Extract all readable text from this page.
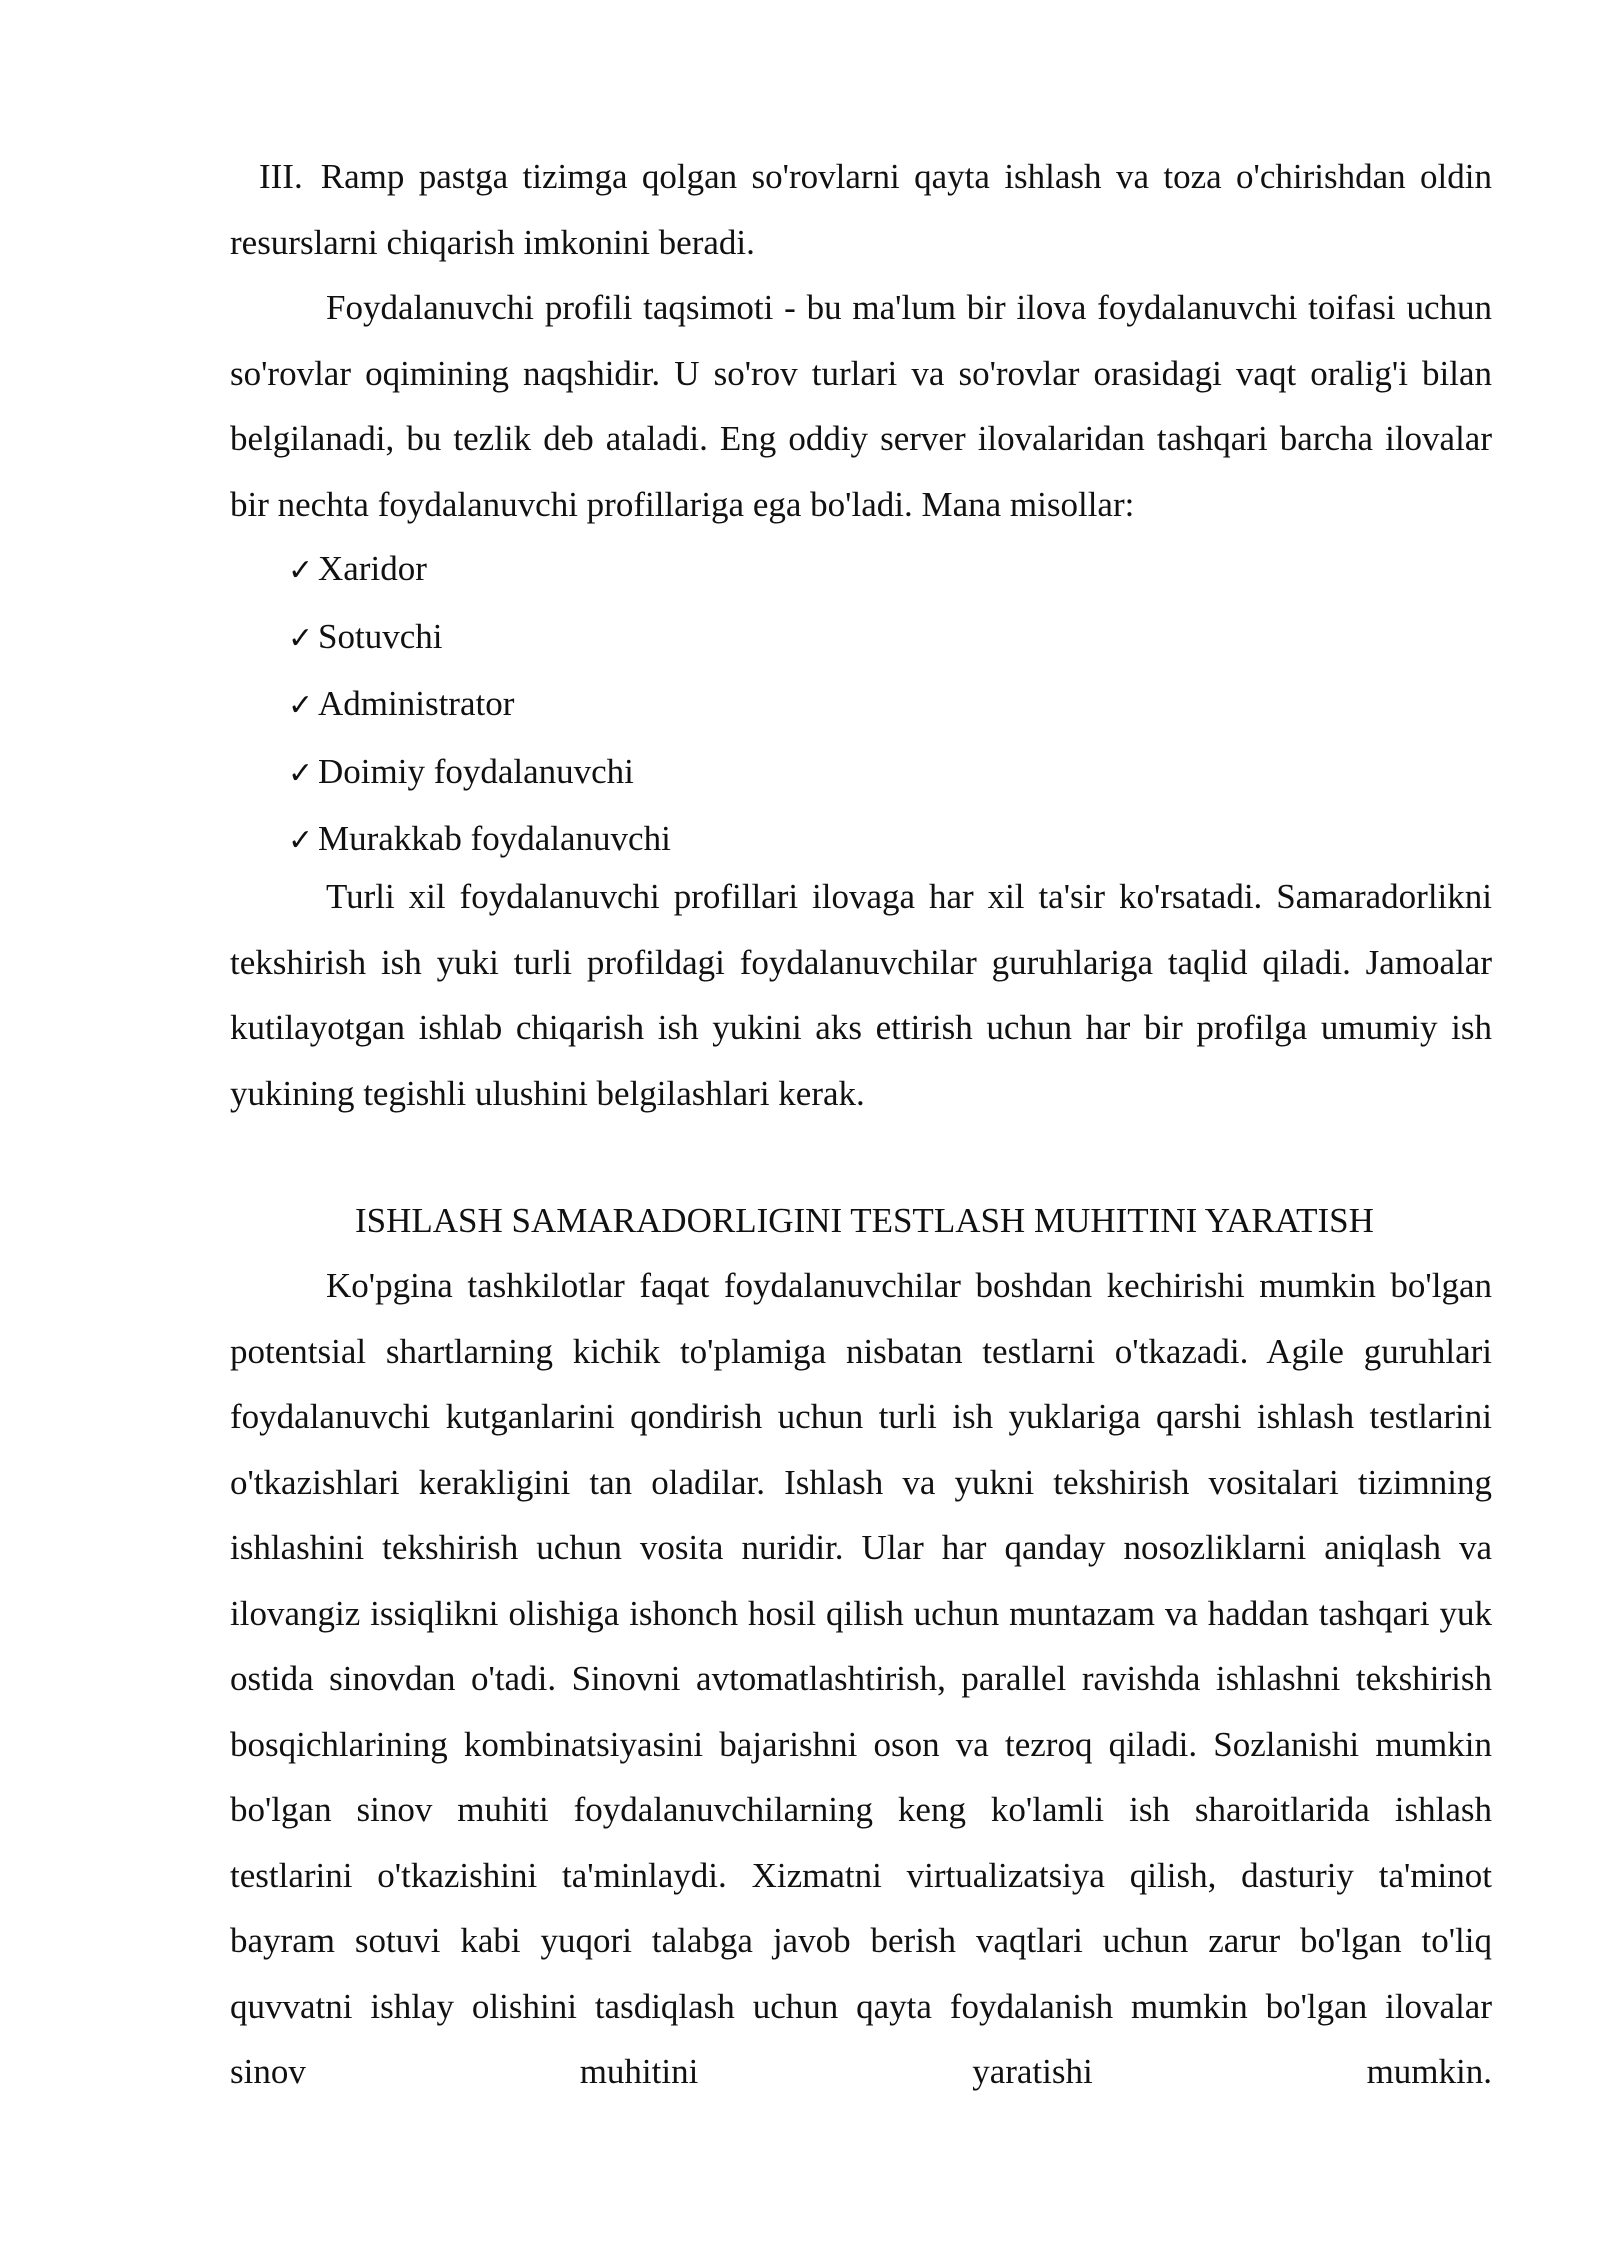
III. Ramp pastga tizimga qolgan so'rovlarni qayta ishlash va toza o'chirishdan oldin resurslarni chiqarish imkonini beradi.
Foydalanuvchi profili taqsimoti - bu ma'lum bir ilova foydalanuvchi toifasi uchun so'rovlar oqimining naqshidir. U so'rov turlari va so'rovlar orasidagi vaqt oralig'i bilan belgilanadi, bu tezlik deb ataladi. Eng oddiy server ilovalaridan tashqari barcha ilovalar bir nechta foydalanuvchi profillariga ega bo'ladi. Mana misollar:
✓ Xaridor
✓ Sotuvchi
✓ Administrator
✓ Doimiy foydalanuvchi
✓ Murakkab foydalanuvchi
Turli xil foydalanuvchi profillari ilovaga har xil ta'sir ko'rsatadi. Samaradorlikni tekshirish ish yuki turli profildagi foydalanuvchilar guruhlariga taqlid qiladi. Jamoalar kutilayotgan ishlab chiqarish ish yukini aks ettirish uchun har bir profilga umumiy ish yukining tegishli ulushini belgilashlari kerak.
ISHLASH SAMARADORLIGINI TESTLASH MUHITINI YARATISH
Ko'pgina tashkilotlar faqat foydalanuvchilar boshdan kechirishi mumkin bo'lgan potentsial shartlarning kichik to'plamiga nisbatan testlarni o'tkazadi. Agile guruhlari foydalanuvchi kutganlarini qondirish uchun turli ish yuklariga qarshi ishlash testlarini o'tkazishlari kerakligini tan oladilar. Ishlash va yukni tekshirish vositalari tizimning ishlashini tekshirish uchun vosita nuridir. Ular har qanday nosozliklarni aniqlash va ilovangiz issiqlikni olishiga ishonch hosil qilish uchun muntazam va haddan tashqari yuk ostida sinovdan o'tadi. Sinovni avtomatlashtirish, parallel ravishda ishlashni tekshirish bosqichlarining kombinatsiyasini bajarishni oson va tezroq qiladi. Sozlanishi mumkin bo'lgan sinov muhiti foydalanuvchilarning keng ko'lamli ish sharoitlarida ishlash testlarini o'tkazishini ta'minlaydi. Xizmatni virtualizatsiya qilish, dasturiy ta'minot bayram sotuvi kabi yuqori talabga javob berish vaqtlari uchun zarur bo'lgan to'liq quvvatni ishlay olishini tasdiqlash uchun qayta foydalanish mumkin bo'lgan ilovalar sinov muhitini yaratishi mumkin.
